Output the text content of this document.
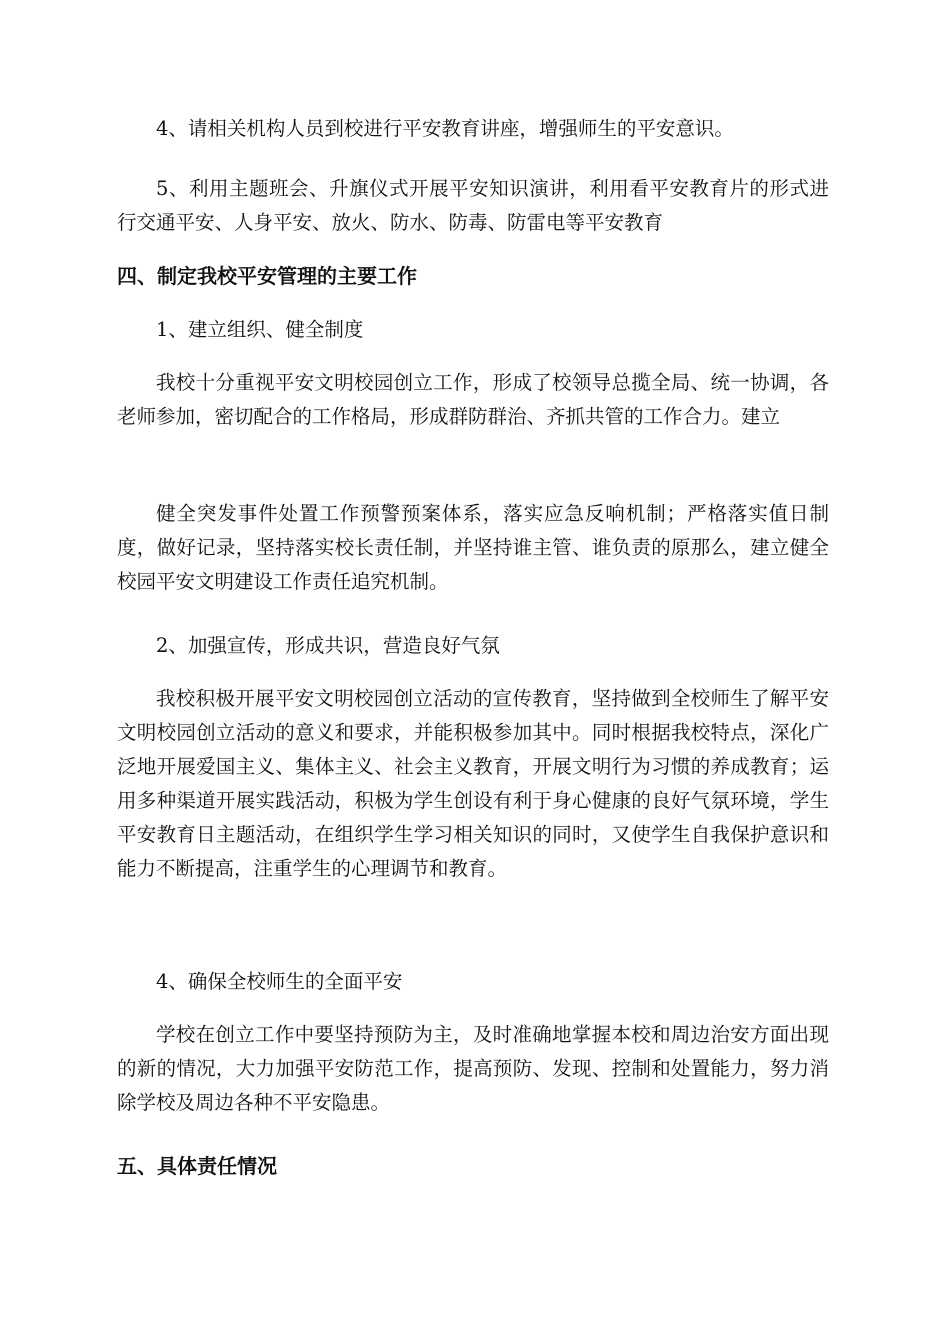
4、请相关机构人员到校进行平安教育讲座，增强师生的平安意识。

5、利用主题班会、升旗仪式开展平安知识演讲，利用看平安教育片的形式进行交通平安、人身平安、放火、防水、防毒、防雷电等平安教育

四、制定我校平安管理的主要工作

1、建立组织、健全制度

我校十分重视平安文明校园创立工作，形成了校领导总揽全局、统一协调，各老师参加，密切配合的工作格局，形成群防群治、齐抓共管的工作合力。建立

健全突发事件处置工作预警预案体系，落实应急反响机制；严格落实值日制度，做好记录，坚持落实校长责任制，并坚持谁主管、谁负责的原那么，建立健全校园平安文明建设工作责任追究机制。

2、加强宣传，形成共识，营造良好气氛

我校积极开展平安文明校园创立活动的宣传教育，坚持做到全校师生了解平安文明校园创立活动的意义和要求，并能积极参加其中。同时根据我校特点，深化广泛地开展爱国主义、集体主义、社会主义教育，开展文明行为习惯的养成教育；运用多种渠道开展实践活动，积极为学生创设有利于身心健康的良好气氛环境，学生平安教育日主题活动，在组织学生学习相关知识的同时，又使学生自我保护意识和能力不断提高，注重学生的心理调节和教育。

4、确保全校师生的全面平安

学校在创立工作中要坚持预防为主，及时准确地掌握本校和周边治安方面出现的新的情况，大力加强平安防范工作，提高预防、发现、控制和处置能力，努力消除学校及周边各种不平安隐患。

五、具体责任情况
